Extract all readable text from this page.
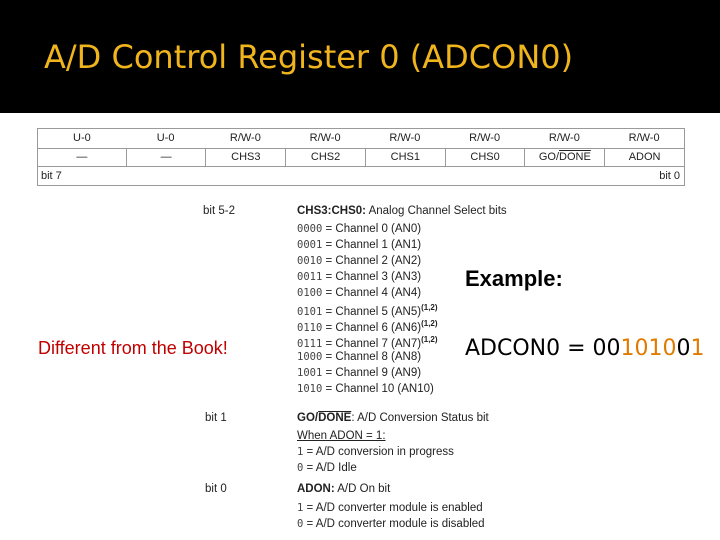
A/D Control Register 0 (ADCON0)
U-0	U-0	R/W-0	R/W-0	R/W-0	R/W-0	R/W-0	R/W-0
—	—	CHS3	CHS2	CHS1	CHS0	GO/DONE	ADON
bit 7	bit 0
bit 5-2	CHS3:CHS0: Analog Channel Select bits
0000 = Channel 0 (AN0)
0001 = Channel 1 (AN1)
0010 = Channel 2 (AN2)
0011 = Channel 3 (AN3)
0100 = Channel 4 (AN4)
0101 = Channel 5 $(AN5)^{(1,2)}$
0110 = Channel 6 $(AN6)^{(1,2)}$
0111 = Channel 7 $(AN7)^{(1,2)}$
1000 = Channel 8 (AN8)
1001 = Channel 9 (AN9)
1010 = Channel 10 (AN10)
bit 1	GO/DONE: A/D Conversion Status bit
When ADON = 1:
1 = A/D conversion in progress
0 = A/D Idle
bit 0	ADON: A/D On bit
1 = A/D converter module is enabled
0 = A/D converter module is disabled
Example:
Different from the Book!	ADCON0 = 00101001
